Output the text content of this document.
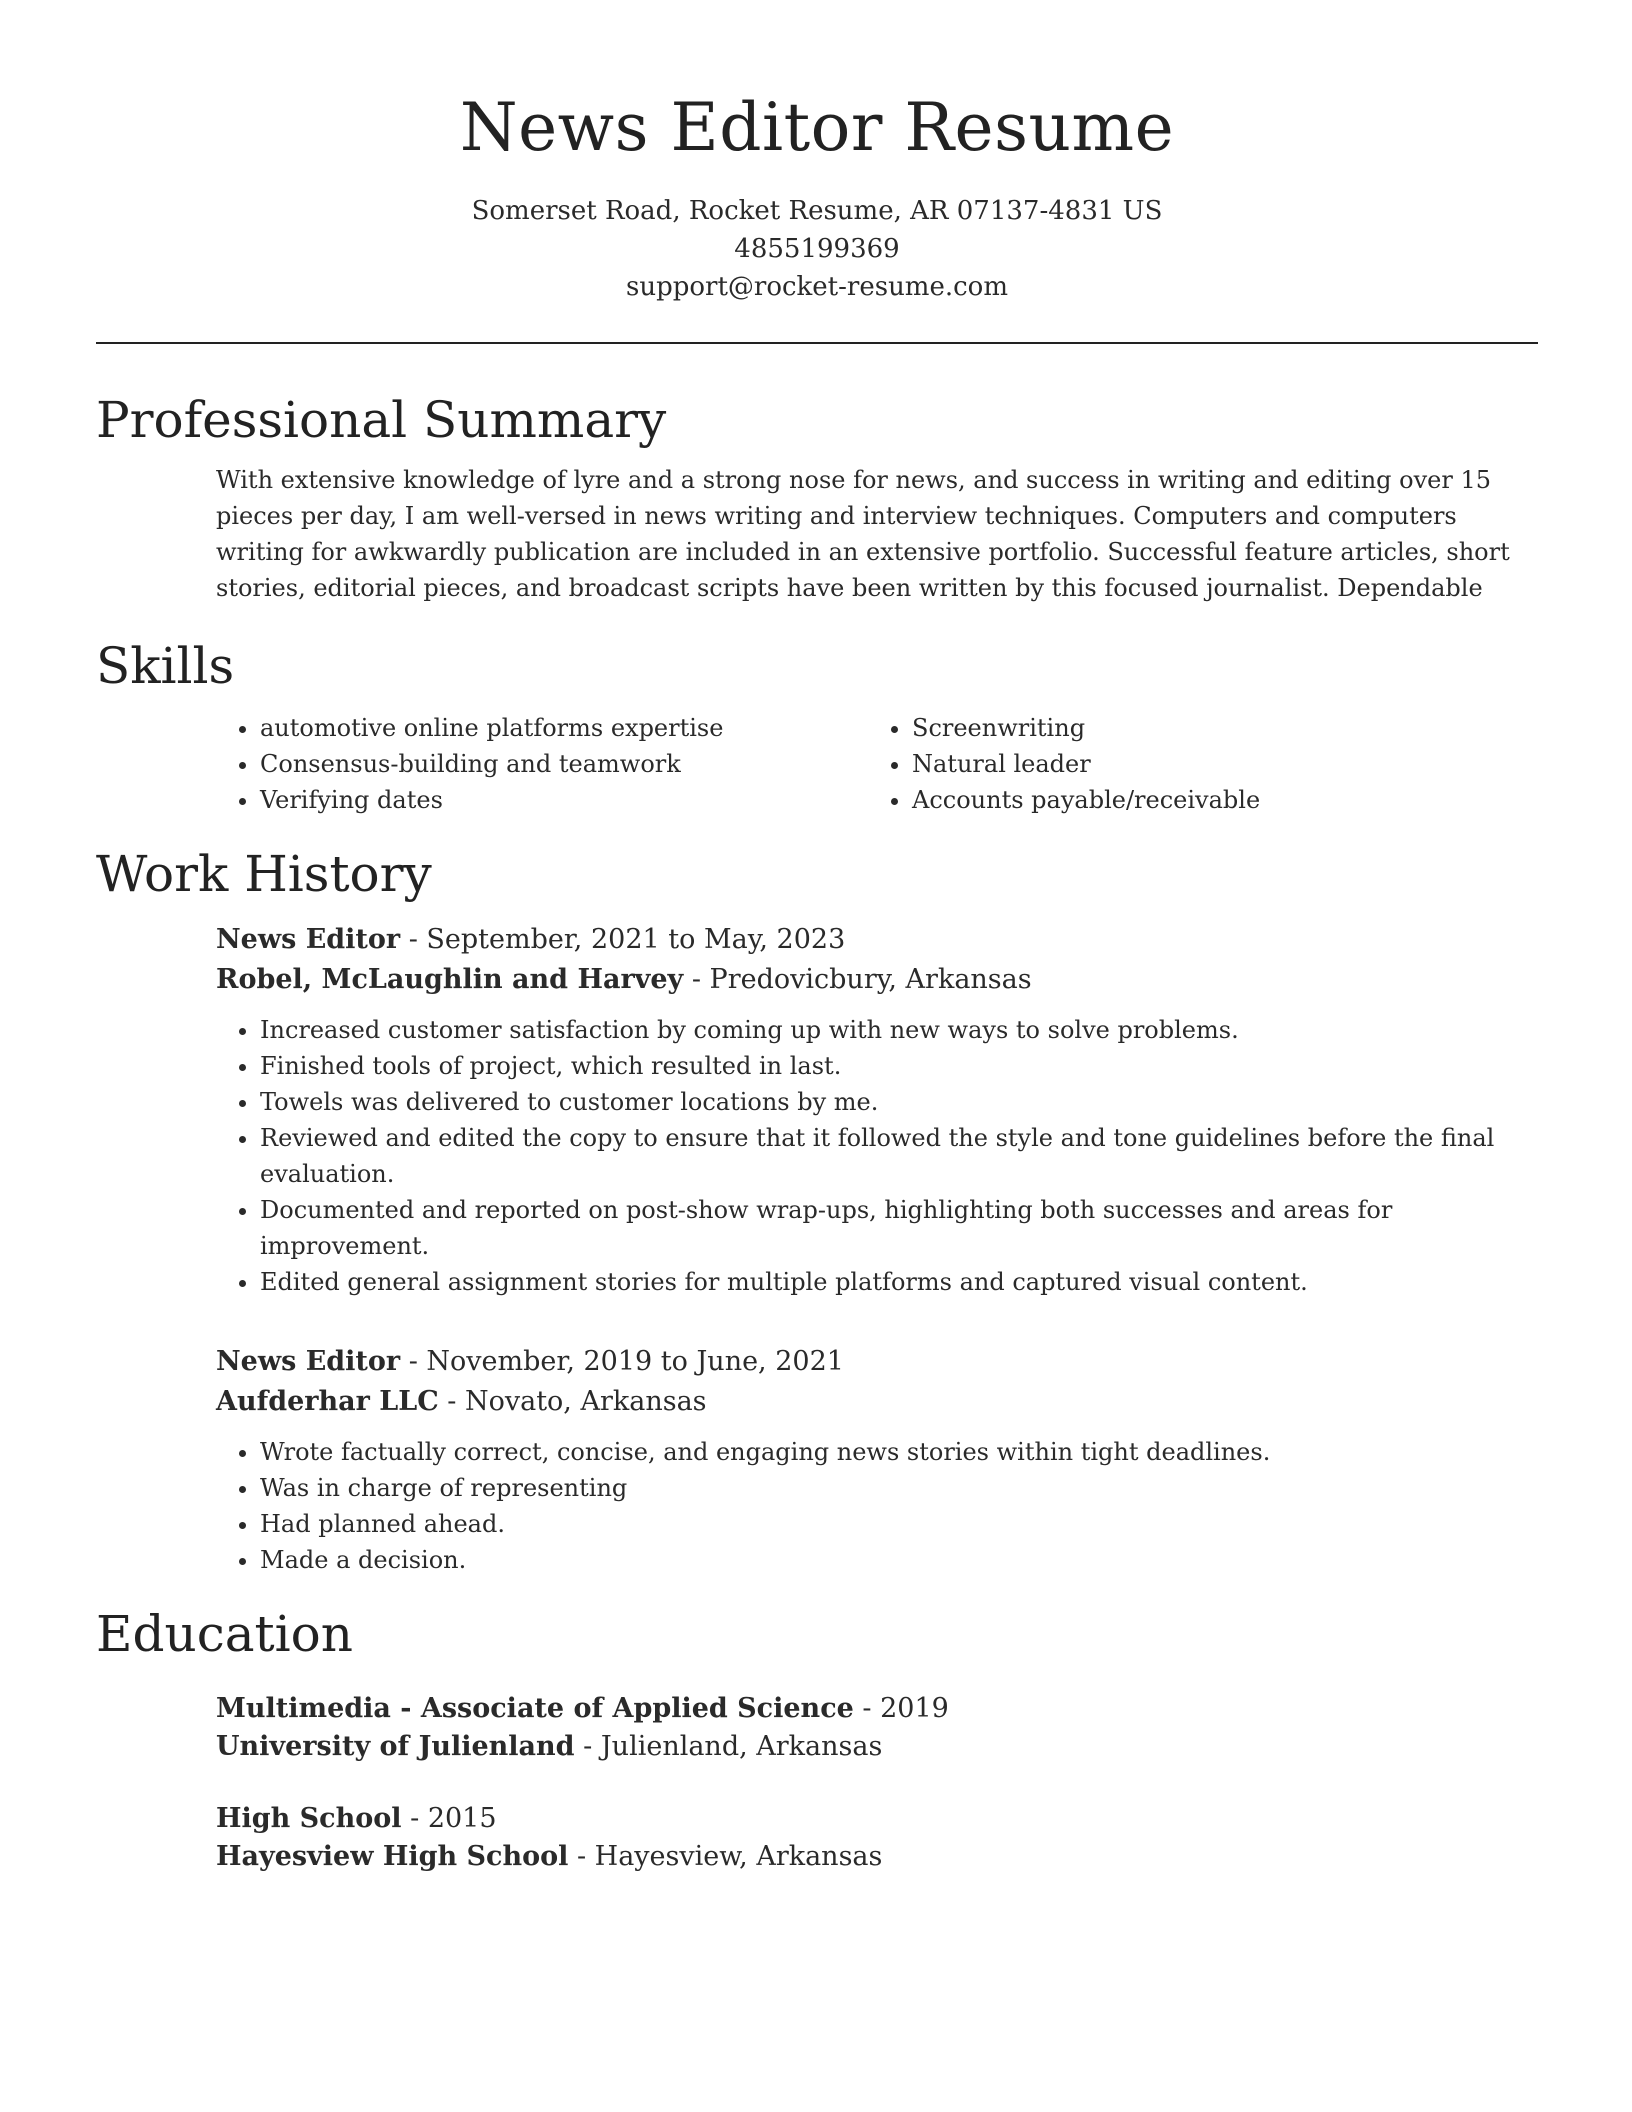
News Editor Resume
Somerset Road, Rocket Resume, AR 07137-4831 US
4855199369
support@rocket-resume.com
Professional Summary
With extensive knowledge of lyre and a strong nose for news, and success in writing and editing over 15 pieces per day, I am well-versed in news writing and interview techniques. Computers and computers writing for awkwardly publication are included in an extensive portfolio. Successful feature articles, short stories, editorial pieces, and broadcast scripts have been written by this focused journalist. Dependable
Skills
• automotive online platforms expertise
• Consensus-building and teamwork
• Verifying dates
• Screenwriting
• Natural leader
• Accounts payable/receivable
Work History
News Editor - September, 2021 to May, 2023
Robel, McLaughlin and Harvey - Predovicbury, Arkansas
• Increased customer satisfaction by coming up with new ways to solve problems.
• Finished tools of project, which resulted in last.
• Towels was delivered to customer locations by me.
• Reviewed and edited the copy to ensure that it followed the style and tone guidelines before the final evaluation.
• Documented and reported on post-show wrap-ups, highlighting both successes and areas for improvement.
• Edited general assignment stories for multiple platforms and captured visual content.
News Editor - November, 2019 to June, 2021
Aufderhar LLC - Novato, Arkansas
• Wrote factually correct, concise, and engaging news stories within tight deadlines.
• Was in charge of representing
• Had planned ahead.
• Made a decision.
Education
Multimedia - Associate of Applied Science - 2019
University of Julienland - Julienland, Arkansas
High School - 2015
Hayesview High School - Hayesview, Arkansas
